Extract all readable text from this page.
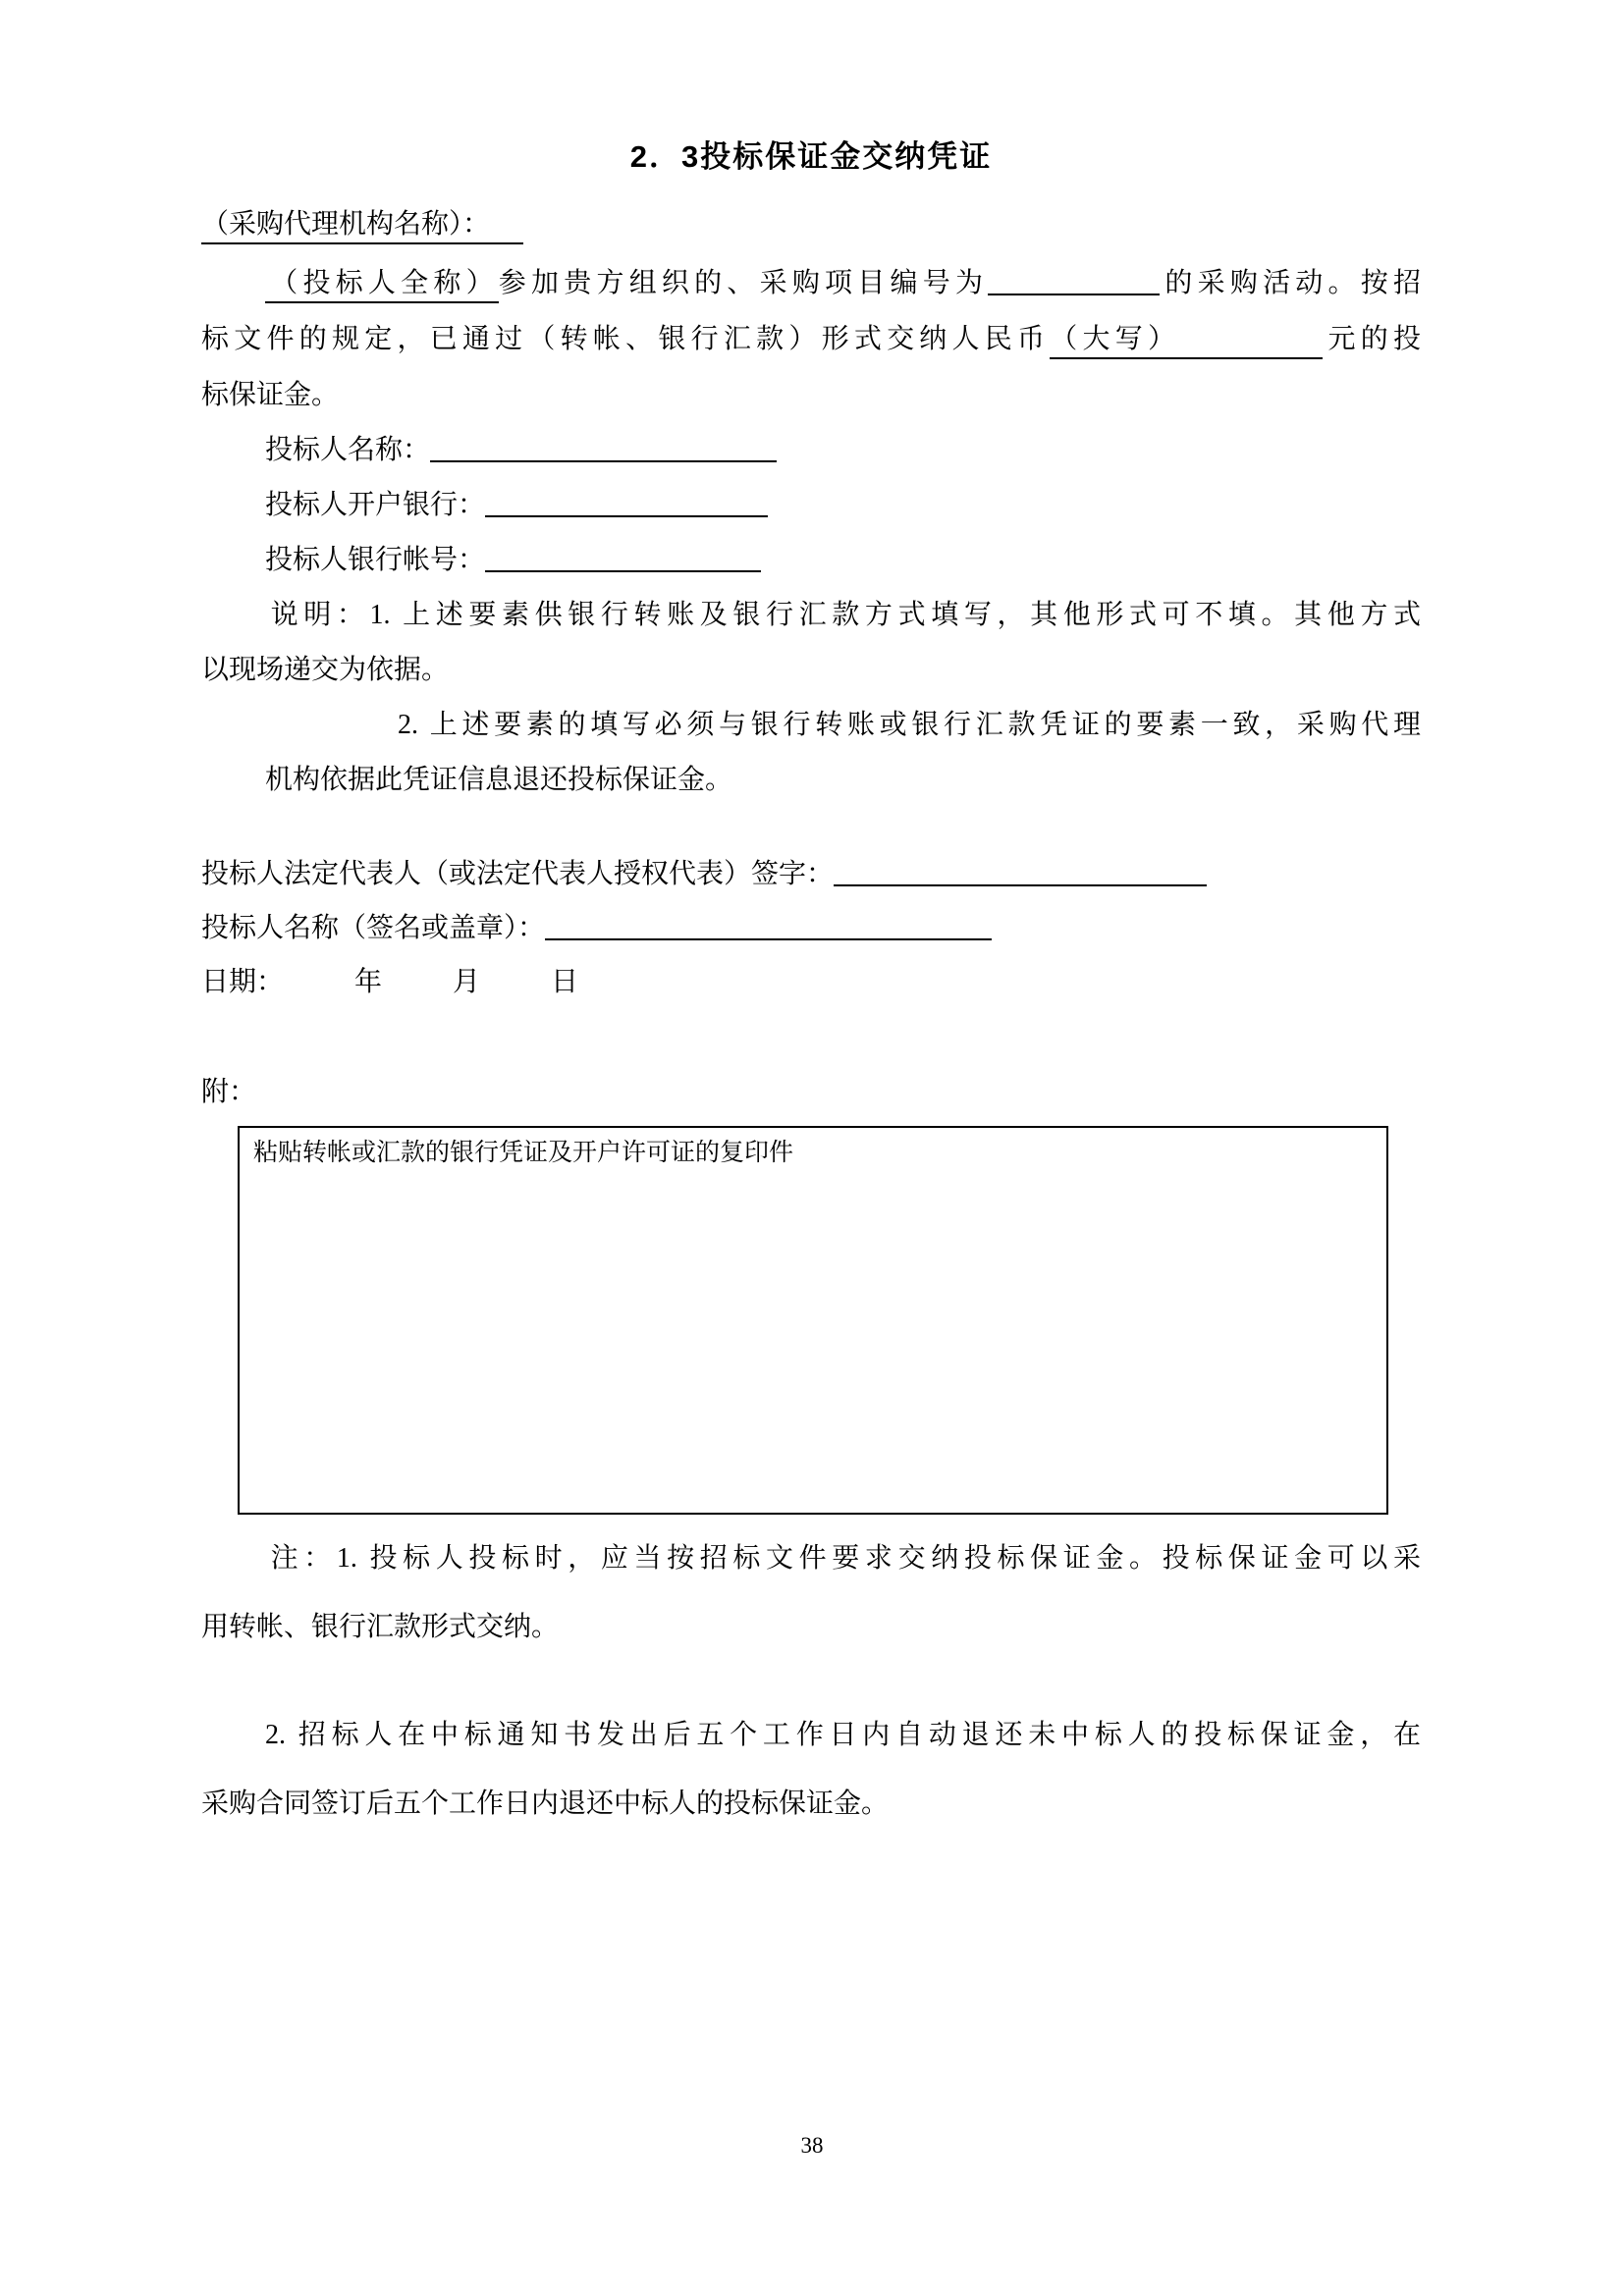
2．3投标保证金交纳凭证
（采购代理机构名称）：
（投标人全称）参加贵方组织的、采购项目编号为	的采购活动。按招
标文件的规定，已通过（转帐、银行汇款）形式交纳人民币（大写）	元的投
标保证金。
投标人名称：
投标人开户银行：
投标人银行帐号：
说明：1. 上述要素供银行转账及银行汇款方式填写，其他形式可不填。其他方式
以现场递交为依据。
2. 上述要素的填写必须与银行转账或银行汇款凭证的要素一致，采购代理
机构依据此凭证信息退还投标保证金。
投标人法定代表人（或法定代表人授权代表）签字：
投标人名称（签名或盖章）：
日期：	年	月	日
附：
粘贴转帐或汇款的银行凭证及开户许可证的复印件
注：1. 投标人投标时，应当按招标文件要求交纳投标保证金。投标保证金可以采
用转帐、银行汇款形式交纳。
2. 招标人在中标通知书发出后五个工作日内自动退还未中标人的投标保证金，在
采购合同签订后五个工作日内退还中标人的投标保证金。
38
